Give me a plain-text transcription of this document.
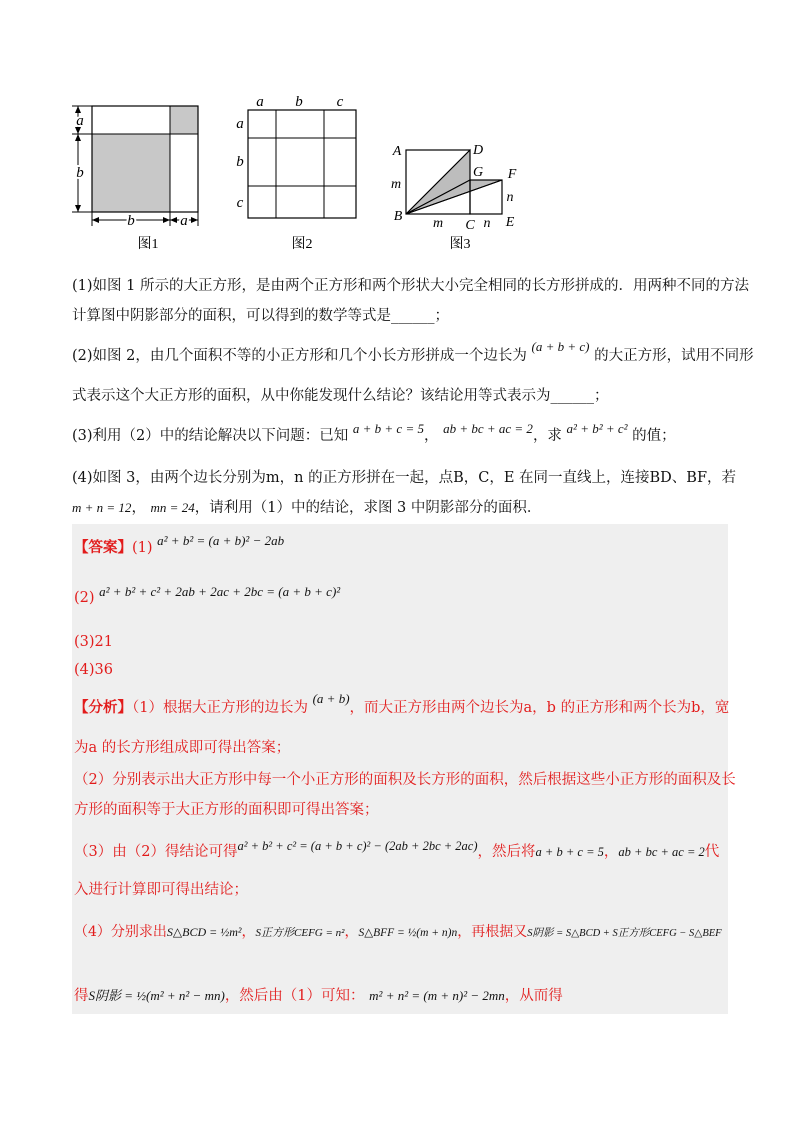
a
b
b	a
图1
a b c
a
b
c
图2
A	D
G F
B
C E
m
m
n
n
图3
(1)如图 1 所示的大正方形，是由两个正方形和两个形状大小完全相同的长方形拼成的．用两种不同的方法
计算图中阴影部分的面积，可以得到的数学等式是______；
(2)如图 2，由几个面积不等的小正方形和几个小长方形拼成一个边长为 (a + b + c) 的大正方形，试用不同形
式表示这个大正方形的面积，从中你能发现什么结论？该结论用等式表示为______；
(3)利用（2）中的结论解决以下问题：已知 a + b + c = 5， ab + bc + ac = 2，求 a² + b² + c² 的值；
(4)如图 3，由两个边长分别为m，n 的正方形拼在一起，点B，C，E 在同一直线上，连接BD、BF，若
m + n = 12， mn = 24，请利用（1）中的结论，求图 3 中阴影部分的面积．
【答案】(1) a² + b² = (a + b)² − 2ab
(2) a² + b² + c² + 2ab + 2ac + 2bc = (a + b + c)²
(3)21
(4)36
【分析】（1）根据大正方形的边长为 (a + b)，而大正方形由两个边长为a，b 的正方形和两个长为b，宽
为a 的长方形组成即可得出答案；
（2）分别表示出大正方形中每一个小正方形的面积及长方形的面积，然后根据这些小正方形的面积及长
方形的面积等于大正方形的面积即可得出答案；
（3）由（2）得结论可得a² + b² + c² = (a + b + c)² − (2ab + 2bc + 2ac)，然后将a + b + c = 5，ab + bc + ac = 2代
入进行计算即可得出结论；
（4）分别求出S△BCD = ½m²，S正方形CEFG = n²，S△BFF = ½(m + n)n，再根据又S阴影 = S△BCD + S正方形CEFG − S△BEF
得S阴影 = ½(m² + n² − mn)，然后由（1）可知： m² + n² = (m + n)² − 2mn，从而得
